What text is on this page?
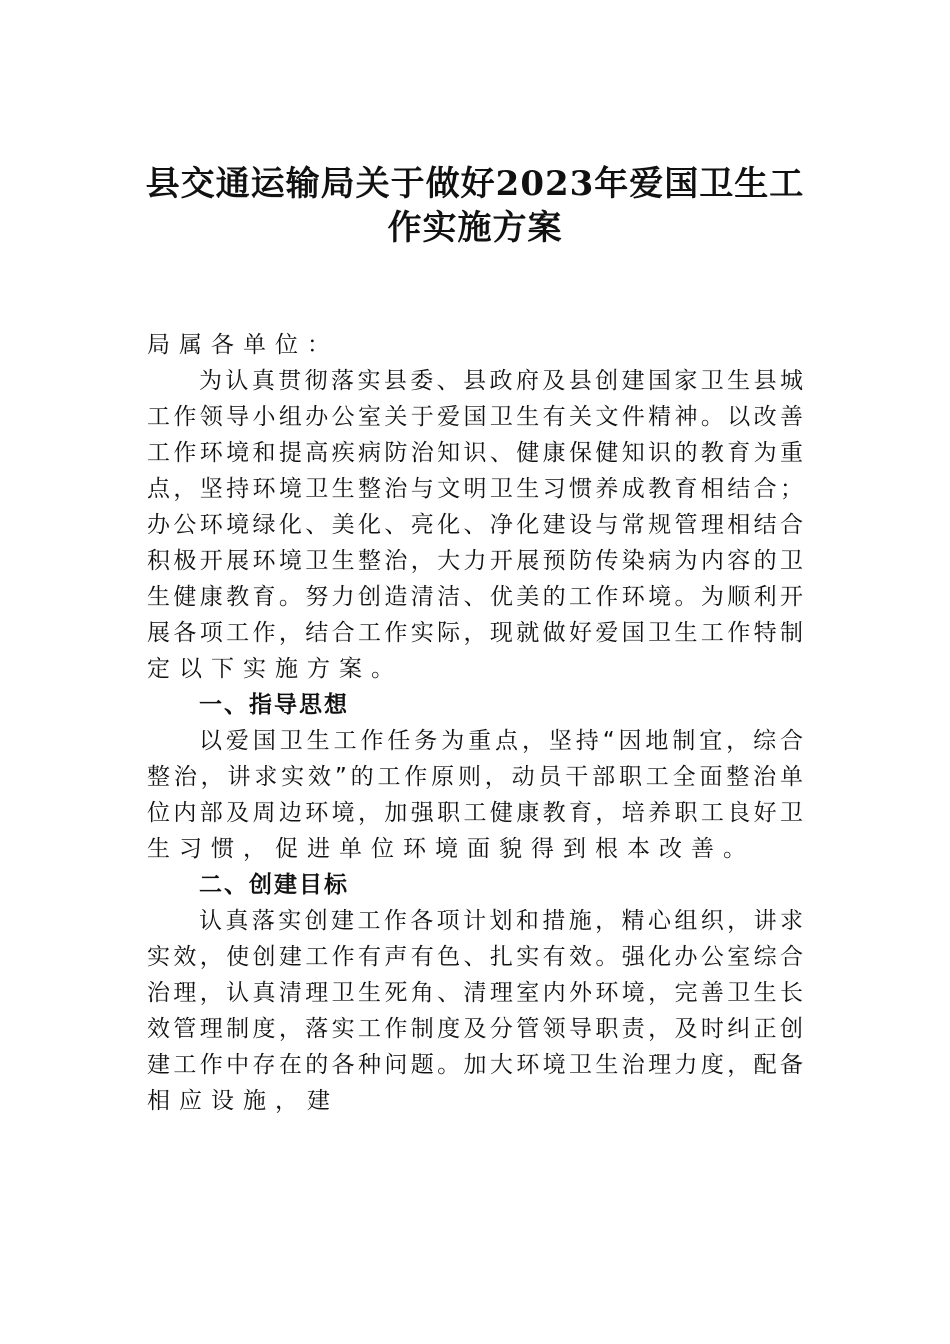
县交通运输局关于做好2023年爱国卫生工
作实施方案
局属各单位：
为认真贯彻落实县委、县政府及县创建国家卫生县城
工作领导小组办公室关于爱国卫生有关文件精神。以改善
工作环境和提高疾病防治知识、健康保健知识的教育为重
点，坚持环境卫生整治与文明卫生习惯养成教育相结合；
办公环境绿化、美化、亮化、净化建设与常规管理相结合
积极开展环境卫生整治，大力开展预防传染病为内容的卫
生健康教育。努力创造清洁、优美的工作环境。为顺利开
展各项工作，结合工作实际，现就做好爱国卫生工作特制
定以下实施方案。
一、指导思想
以爱国卫生工作任务为重点，坚持“因地制宜，综合
整治，讲求实效”的工作原则，动员干部职工全面整治单
位内部及周边环境，加强职工健康教育，培养职工良好卫
生习惯，促进单位环境面貌得到根本改善。
二、创建目标
认真落实创建工作各项计划和措施，精心组织，讲求
实效，使创建工作有声有色、扎实有效。强化办公室综合
治理，认真清理卫生死角、清理室内外环境，完善卫生长
效管理制度，落实工作制度及分管领导职责，及时纠正创
建工作中存在的各种问题。加大环境卫生治理力度，配备
相应设施，建
